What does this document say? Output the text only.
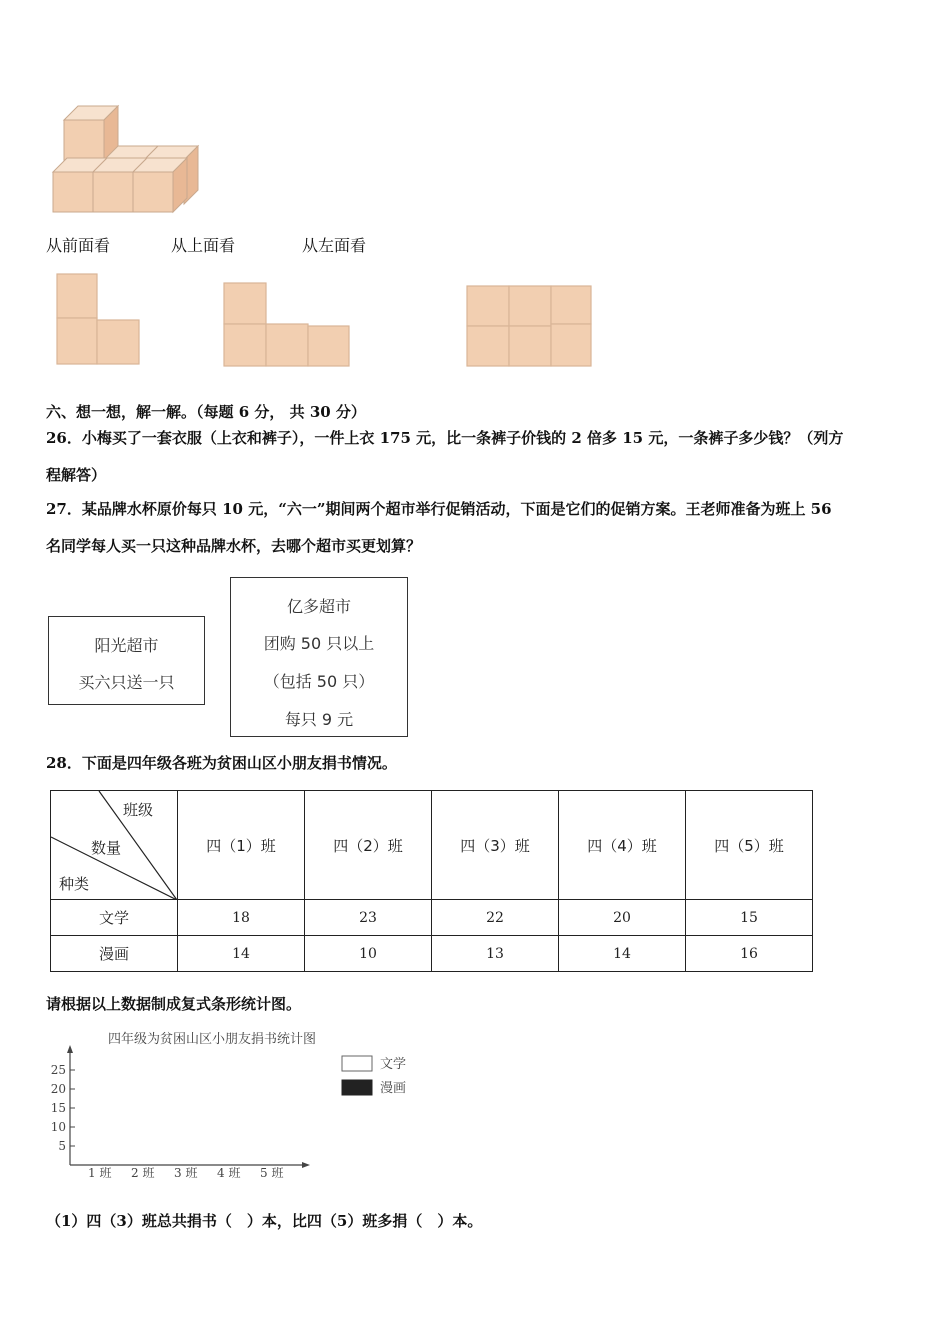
从前面看	从上面看	从左面看
六、想一想，解一解。（每题 6 分， 共 30 分）
26．小梅买了一套衣服（上衣和裤子），一件上衣 175 元，比一条裤子价钱的 2 倍多 15 元，一条裤子多少钱？（列方
程解答）
27．某品牌水杯原价每只 10 元，“六一”期间两个超市举行促销活动，下面是它们的促销方案。王老师准备为班上 56
名同学每人买一只这种品牌水杯，去哪个超市买更划算？
阳光超市
买六只送一只
亿多超市
团购 50 只以上
（包括 50 只）
每只 9 元
28．下面是四年级各班为贫困山区小朋友捐书情况。
班级
数量
种类	四（1）班	四（2）班	四（3）班	四（4）班	四（5）班
文学	18	23	22	20	15
漫画	14	10	13	14	16
请根据以上数据制成复式条形统计图。
四年级为贫困山区小朋友捐书统计图
25
20
15
10
5
1 班 2 班 3 班 4 班 5 班
文学
漫画
（1）四（3）班总共捐书（　）本，比四（5）班多捐（　）本。
